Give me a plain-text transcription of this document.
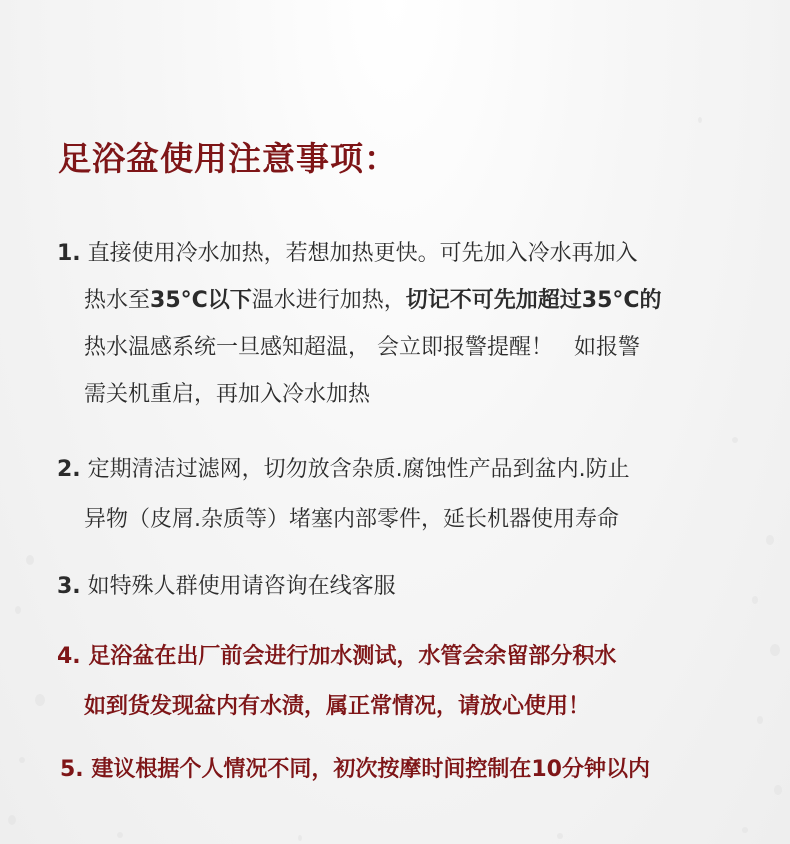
足浴盆使用注意事项：
1. 直接使用冷水加热，若想加热更快。可先加入冷水再加入
热水至35°C以下温水进行加热，切记不可先加超过35°C的
热水温感系统一旦感知超温， 会立即报警提醒！   如报警
需关机重启，再加入冷水加热
2. 定期清洁过滤网，切勿放含杂质.腐蚀性产品到盆内.防止
异物（皮屑.杂质等）堵塞内部零件，延长机器使用寿命
3. 如特殊人群使用请咨询在线客服
4. 足浴盆在出厂前会进行加水测试，水管会余留部分积水
如到货发现盆内有水渍，属正常情况，请放心使用！
5. 建议根据个人情况不同，初次按摩时间控制在10分钟以内
